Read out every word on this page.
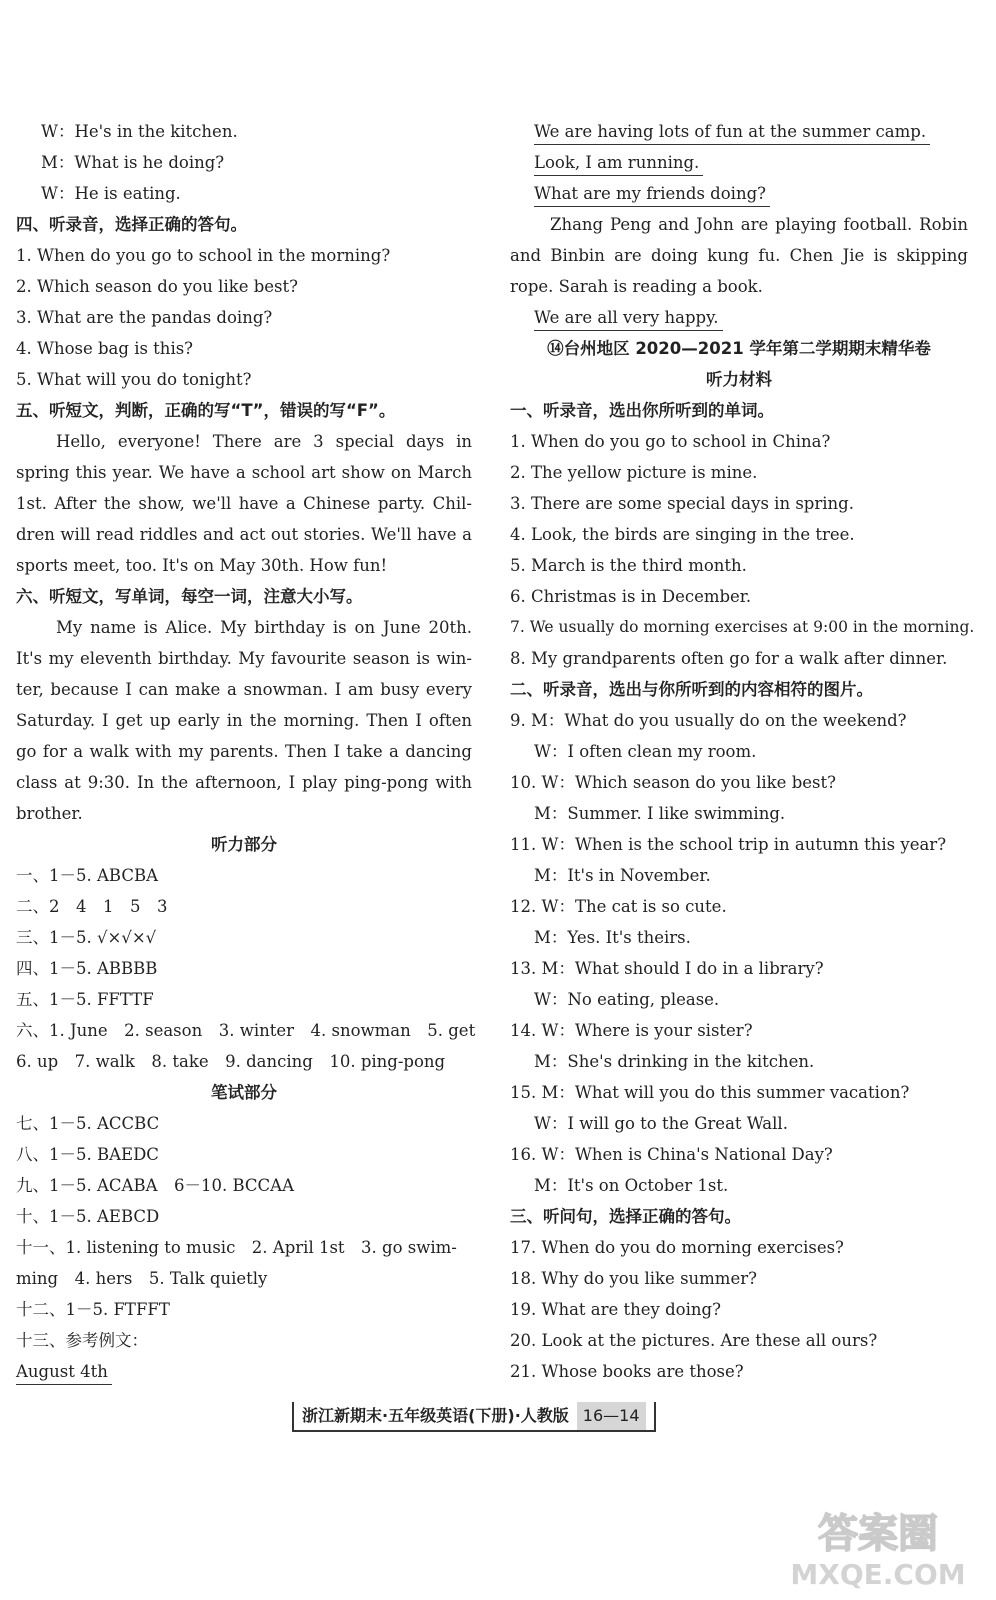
W：He's in the kitchen.
M：What is he doing?
W：He is eating.
四、听录音，选择正确的答句。
1. When do you go to school in the morning?
2. Which season do you like best?
3. What are the pandas doing?
4. Whose bag is this?
5. What will you do tonight?
五、听短文，判断，正确的写“T”，错误的写“F”。
Hello, everyone! There are 3 special days in
spring this year. We have a school art show on March
1st. After the show, we'll have a Chinese party. Chil-
dren will read riddles and act out stories. We'll have a
sports meet, too. It's on May 30th. How fun!
六、听短文，写单词，每空一词，注意大小写。
My name is Alice. My birthday is on June 20th.
It's my eleventh birthday. My favourite season is win-
ter, because I can make a snowman. I am busy every
Saturday. I get up early in the morning. Then I often
go for a walk with my parents. Then I take a dancing
class at 9:30. In the afternoon, I play ping-pong with
brother.
听力部分
一、1－5. ABCBA
二、2　4　1　5　3
三、1－5. √×√×√
四、1－5. ABBBB
五、1－5. FFTTF
六、1. June　2. season　3. winter　4. snowman　5. get
6. up　7. walk　8. take　9. dancing　10. ping-pong
笔试部分
七、1－5. ACCBC
八、1－5. BAEDC
九、1－5. ACABA　6－10. BCCAA
十、1－5. AEBCD
十一、1. listening to music　2. April 1st　3. go swim-
ming　4. hers　5. Talk quietly
十二、1－5. FTFFT
十三、参考例文：
August 4th
We are having lots of fun at the summer camp.
Look, I am running.
What are my friends doing?
Zhang Peng and John are playing football. Robin
and Binbin are doing kung fu. Chen Jie is skipping
rope. Sarah is reading a book.
We are all very happy.
⑭台州地区 2020—2021 学年第二学期期末精华卷
听力材料
一、听录音，选出你所听到的单词。
1. When do you go to school in China?
2. The yellow picture is mine.
3. There are some special days in spring.
4. Look, the birds are singing in the tree.
5. March is the third month.
6. Christmas is in December.
7. We usually do morning exercises at 9:00 in the morning.
8. My grandparents often go for a walk after dinner.
二、听录音，选出与你所听到的内容相符的图片。
9. M：What do you usually do on the weekend?
W：I often clean my room.
10. W：Which season do you like best?
M：Summer. I like swimming.
11. W：When is the school trip in autumn this year?
M：It's in November.
12. W：The cat is so cute.
M：Yes. It's theirs.
13. M：What should I do in a library?
W：No eating, please.
14. W：Where is your sister?
M：She's drinking in the kitchen.
15. M：What will you do this summer vacation?
W：I will go to the Great Wall.
16. W：When is China's National Day?
M：It's on October 1st.
三、听问句，选择正确的答句。
17. When do you do morning exercises?
18. Why do you like summer?
19. What are they doing?
20. Look at the pictures. Are these all ours?
21. Whose books are those?
浙江新期末·五年级英语(下册)·人教版 16—14
答案圈
MXQE.COM
